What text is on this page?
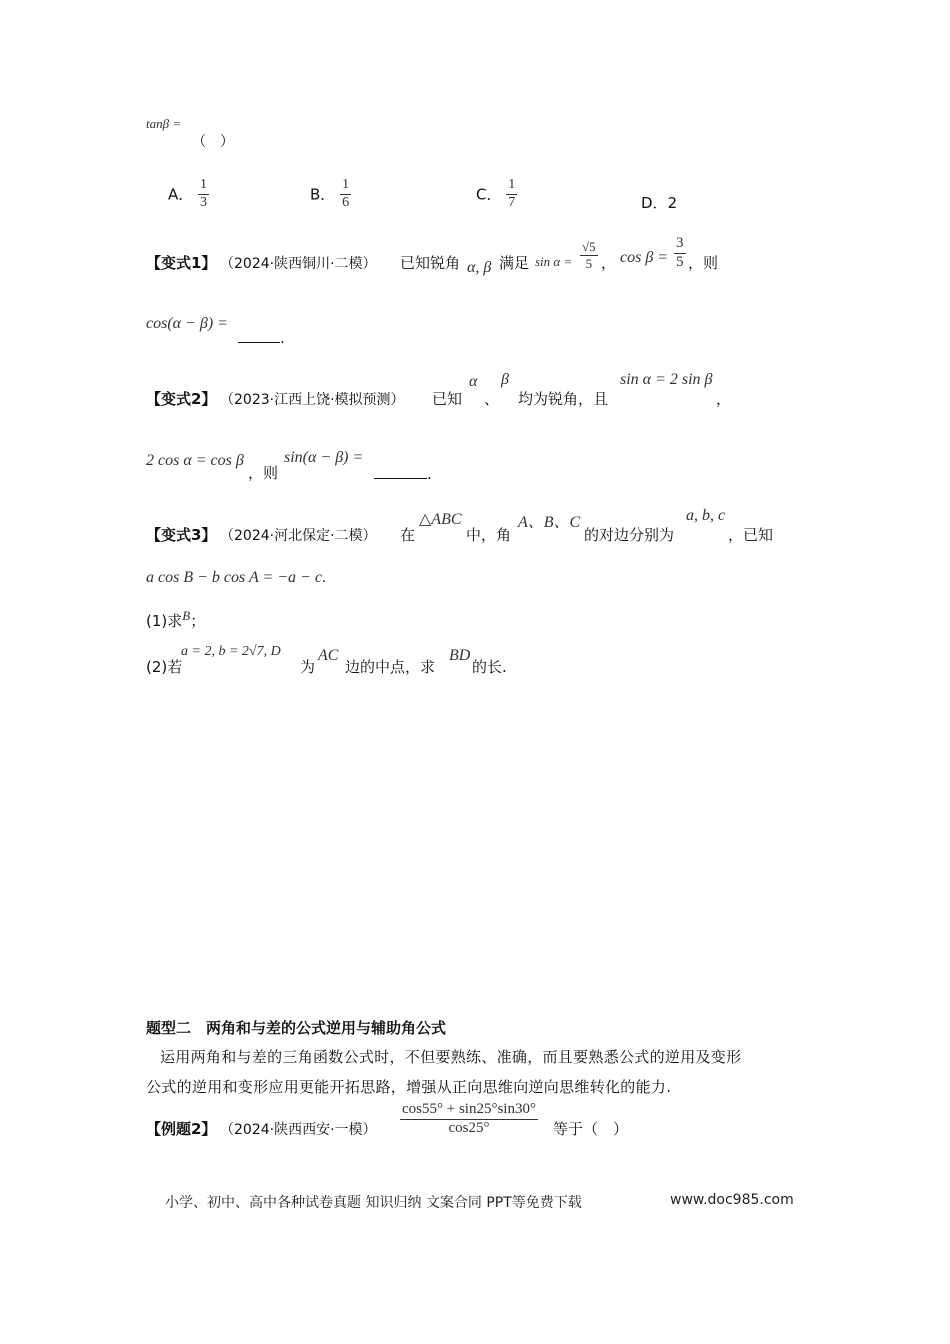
tanβ =
（　）
A． $\frac{1}{3}$	B． $\frac{1}{6}$	C． $\frac{1}{7}$	D．2
【变式1】 （2024·陕西铜川·二模） 已知锐角 α, β 满足 $\sin \alpha = \frac{√5}{5}$ ， $\cos \beta = \frac{3}{5}$ ，则
cos(α − β) =
.
【变式2】 （2023·江西上饶·模拟预测） 已知
α
、
β
均为锐角，且
sin α = 2 sin β
，
2 cos α = cos β
，则
sin(α − β) =
.
【变式3】 （2024·河北保定·二模） 在
△ABC
中，角
A、B、C
的对边分别为
a, b, c
，已知
a cos B − b cos A = −a − c.
(1)求B；
(2)若
a = 2, b = 2√7, D
为
AC
边的中点，求
BD
的长.
题型二　两角和与差的公式逆用与辅助角公式
运用两角和与差的三角函数公式时，不但要熟练、准确，而且要熟悉公式的逆用及变形
公式的逆用和变形应用更能开拓思路，增强从正向思维向逆向思维转化的能力.
【例题2】 （2024·陕西西安·一模） $\frac{\cos 55^\circ + \sin 25^\circ\sin 30^\circ}{\cos 25^\circ}$ 等于（　）
小学、初中、高中各种试卷真题 知识归纳 文案合同 PPT等免费下载	www.doc985.com
